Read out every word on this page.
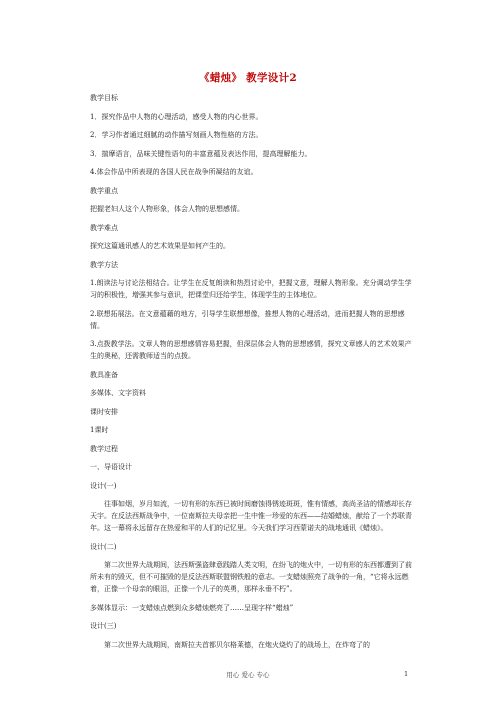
《蜡烛》 教学设计2

教学目标

1．探究作品中人物的心理活动，感受人物的内心世界。

2．学习作者通过细腻的动作描写刻画人物性格的方法。

3．揣摩语言，品味关键性语句的丰富意蕴及表达作用，提高理解能力。

4.体会作品中所表现的各国人民在战争所凝结的友谊。

教学重点

把握老妇人这个人物形象，体会人物的思想感情。

教学难点

探究这篇通讯感人的艺术效果是如何产生的。

教学方法

1.朗读法与讨论法相结合。让学生在反复朗读和热烈讨论中，把握文意，理解人物形象。充分调动学生学习的积极性，增强其参与意识，把课堂归还给学生，体现学生的主体地位。

2.联想拓展法。在文意蕴藉的地方，引导学生联想想像，推想人物的心理活动，进而把握人物的思想感情。

3.点拨教学法。文章人物的思想感情容易把握，但深层体会人物的思想感情，探究文章感人的艺术效果产生的奥秘，还需教师适当的点拨。

教具准备

多媒体、文字资料

课时安排

1课时

教学过程

一、导语设计

设计(一)

往事如烟，岁月如流，一切有形的东西已被时间磨蚀得锈迹斑斑，惟有情感，高尚圣洁的情感却长存天宇。在反法西斯战争中，一位南斯拉夫母亲把一生中惟一珍爱的东西——结婚蜡烛，献给了一个苏联青年。这一幕将永远留存在热爱和平的人们的记忆里。今天我们学习西蒙诺夫的战地通讯《蜡烛》。

设计(二)

第二次世界大战期间，法西斯强盗肆意践踏人类文明，在纷飞的炮火中，一切有形的东西都遭到了前所未有的毁灭，但不可摧毁的是反法西斯联盟钢铁般的意志。一支蜡烛照亮了战争的一角，“它将永远燃着，正像一个母亲的眼泪，正像一个儿子的英勇，那样永垂不朽”。

多媒体显示：一支蜡烛点燃到众多蜡烛燃亮了……呈现字样“蜡烛”

设计(三)

第二次世界大战期间，南斯拉夫首都贝尔格莱德，在炮火烧灼了的战场上，在炸弯了的

用心 爱心 专心	1
